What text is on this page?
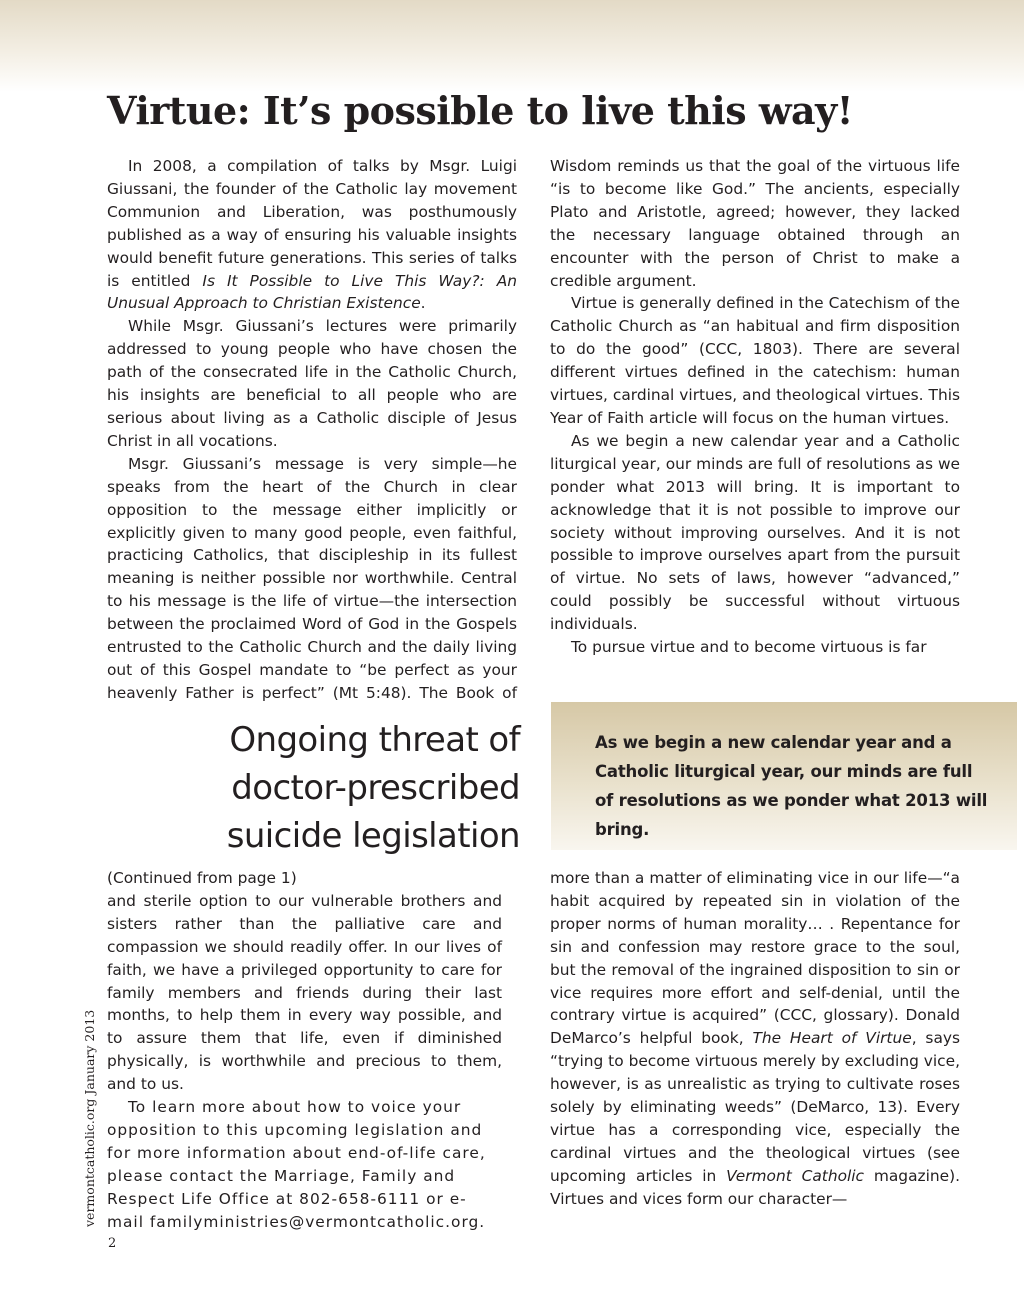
Virtue: It’s possible to live this way!

In 2008, a compilation of talks by Msgr. Luigi Giussani, the founder of the Catholic lay movement Communion and Liberation, was posthumously published as a way of ensuring his valuable insights would benefit future generations. This series of talks is entitled Is It Possible to Live This Way?: An Unusual Approach to Christian Existence.

While Msgr. Giussani’s lectures were primarily addressed to young people who have chosen the path of the consecrated life in the Catholic Church, his insights are beneficial to all people who are serious about living as a Catholic disciple of Jesus Christ in all vocations.

Msgr. Giussani’s message is very simple—he speaks from the heart of the Church in clear opposition to the message either implicitly or explicitly given to many good people, even faithful, practicing Catholics, that discipleship in its fullest meaning is neither possible nor worthwhile. Central to his message is the life of virtue—the intersection between the proclaimed Word of God in the Gospels entrusted to the Catholic Church and the daily living out of this Gospel mandate to “be perfect as your heavenly Father is perfect” (Mt 5:48). The Book of

Wisdom reminds us that the goal of the virtuous life “is to become like God.” The ancients, especially Plato and Aristotle, agreed; however, they lacked the necessary language obtained through an encounter with the person of Christ to make a credible argument.

Virtue is generally defined in the Catechism of the Catholic Church as “an habitual and firm disposition to do the good” (CCC, 1803). There are several different virtues defined in the catechism: human virtues, cardinal virtues, and theological virtues. This Year of Faith article will focus on the human virtues.

As we begin a new calendar year and a Catholic liturgical year, our minds are full of resolutions as we ponder what 2013 will bring. It is important to acknowledge that it is not possible to improve our society without improving ourselves. And it is not possible to improve ourselves apart from the pursuit of virtue. No sets of laws, however “advanced,” could possibly be successful without virtuous individuals.

To pursue virtue and to become virtuous is far

Ongoing threat of doctor-prescribed suicide legislation
As we begin a new calendar year and a Catholic liturgical year, our minds are full of resolutions as we ponder what 2013 will bring.

(Continued from page 1)

and sterile option to our vulnerable brothers and sisters rather than the palliative care and compassion we should readily offer. In our lives of faith, we have a privileged opportunity to care for family members and friends during their last months, to help them in every way possible, and to assure them that life, even if diminished physically, is worthwhile and precious to them, and to us.

To learn more about how to voice your opposition to this upcoming legislation and for more information about end-of-life care, please contact the Marriage, Family and Respect Life Office at 802-658-6111 or e-mail familyministries@vermontcatholic.org.

more than a matter of eliminating vice in our life—“a habit acquired by repeated sin in violation of the proper norms of human morality… . Repentance for sin and confession may restore grace to the soul, but the removal of the ingrained disposition to sin or vice requires more effort and self-denial, until the contrary virtue is acquired” (CCC, glossary). Donald DeMarco’s helpful book, The Heart of Virtue, says “trying to become virtuous merely by excluding vice, however, is as unrealistic as trying to cultivate roses solely by eliminating weeds” (DeMarco, 13). Every virtue has a corresponding vice, especially the cardinal virtues and the theological virtues (see upcoming articles in Vermont Catholic magazine). Virtues and vices form our character—

vermontcatholic.org January 2013
2
